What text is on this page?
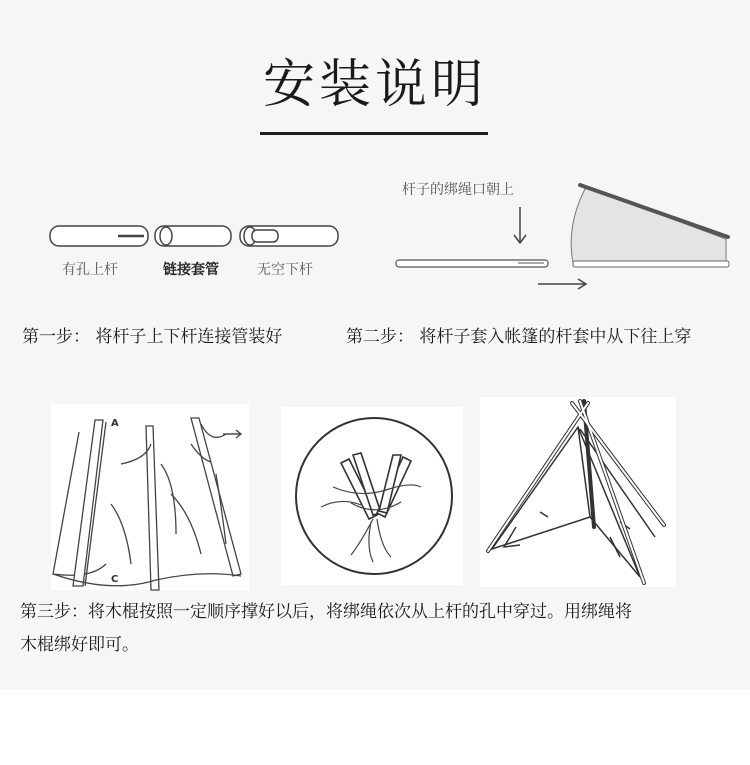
安装说明
有孔上杆	链接套管	无空下杆
杆子的绑绳口朝上
第一步： 将杆子上下杆连接管装好	第二步： 将杆子套入帐篷的杆套中从下往上穿
A
C
第三步：将木棍按照一定顺序撑好以后，将绑绳依次从上杆的孔中穿过。用绑绳将
木棍绑好即可。
